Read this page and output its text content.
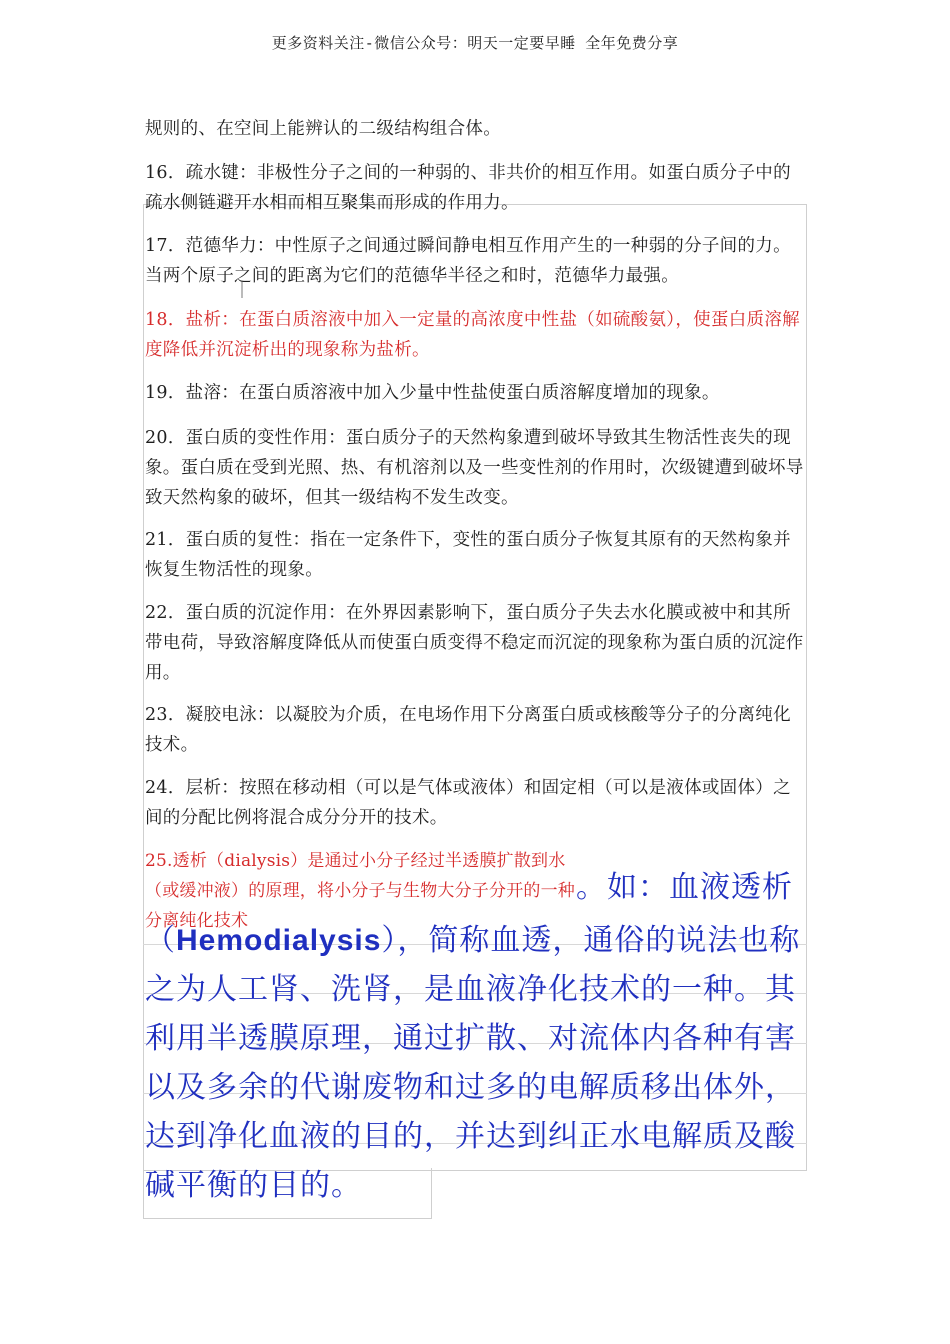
更多资料关注-微信公众号：明天一定要早睡 全年免费分享

规则的、在空间上能辨认的二级结构组合体。

16．疏水键：非极性分子之间的一种弱的、非共价的相互作用。如蛋白质分子中的疏水侧链避开水相而相互聚集而形成的作用力。

17．范德华力：中性原子之间通过瞬间静电相互作用产生的一种弱的分子间的力。当两个原子之间的距离为它们的范德华半径之和时，范德华力最强。

18．盐析：在蛋白质溶液中加入一定量的高浓度中性盐（如硫酸氨），使蛋白质溶解度降低并沉淀析出的现象称为盐析。

19．盐溶：在蛋白质溶液中加入少量中性盐使蛋白质溶解度增加的现象。

20．蛋白质的变性作用：蛋白质分子的天然构象遭到破坏导致其生物活性丧失的现象。蛋白质在受到光照、热、有机溶剂以及一些变性剂的作用时，次级键遭到破坏导致天然构象的破坏，但其一级结构不发生改变。

21．蛋白质的复性：指在一定条件下，变性的蛋白质分子恢复其原有的天然构象并恢复生物活性的现象。

22．蛋白质的沉淀作用：在外界因素影响下，蛋白质分子失去水化膜或被中和其所带电荷，导致溶解度降低从而使蛋白质变得不稳定而沉淀的现象称为蛋白质的沉淀作用。

23．凝胶电泳：以凝胶为介质，在电场作用下分离蛋白质或核酸等分子的分离纯化技术。

24．层析：按照在移动相（可以是气体或液体）和固定相（可以是液体或固体）之间的分配比例将混合成分分开的技术。

25.透析（dialysis）是通过小分子经过半透膜扩散到水（或缓冲液）的原理，将小分子与生物大分子分开的一种分离纯化技术

。如：血液透析

（Hemodialysis），简称血透，通俗的说法也称之为人工肾、洗肾，是血液净化技术的一种。其利用半透膜原理，通过扩散、对流体内各种有害以及多余的代谢废物和过多的电解质移出体外，达到净化血液的目的，并达到纠正水电解质及酸碱平衡的目的。
